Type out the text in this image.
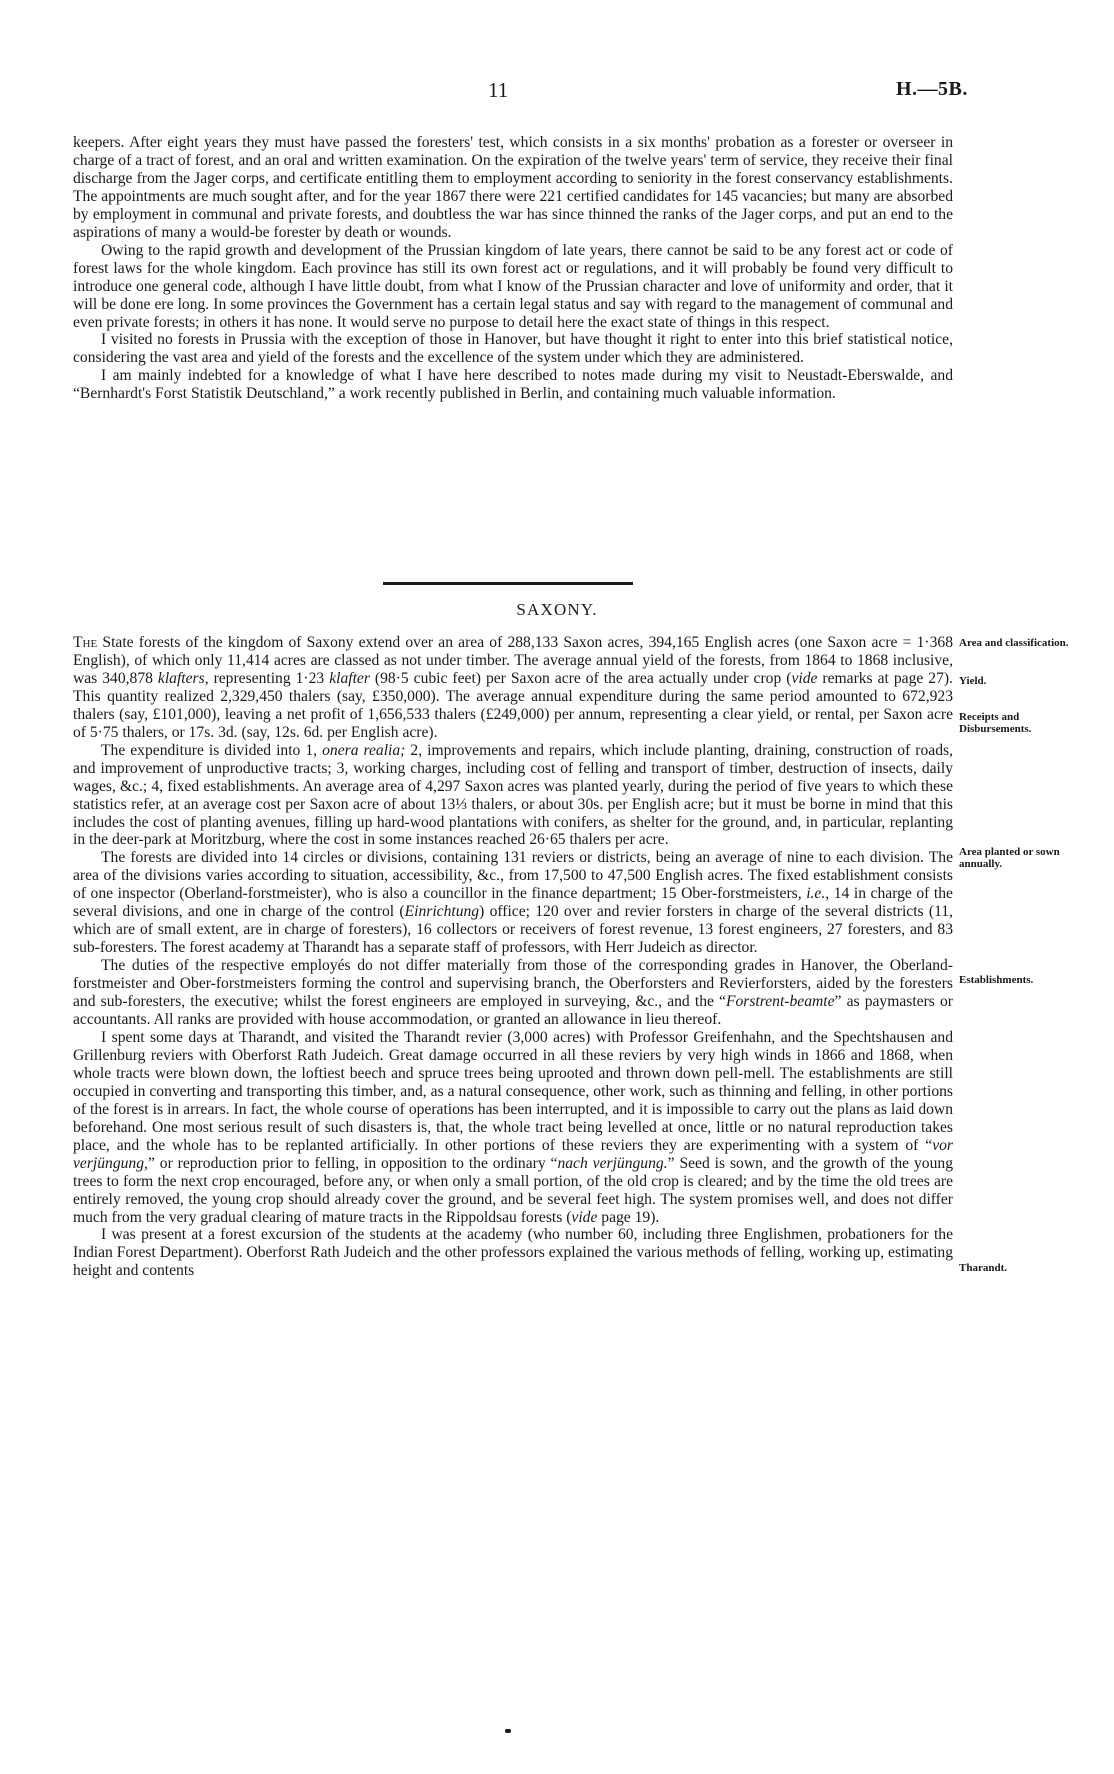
11	H.—5B.

keepers. After eight years they must have passed the foresters' test, which consists in a six months' probation as a forester or overseer in charge of a tract of forest, and an oral and written examination. On the expiration of the twelve years' term of service, they receive their final discharge from the Jager corps, and certificate entitling them to employment according to seniority in the forest conservancy establishments. The appointments are much sought after, and for the year 1867 there were 221 certified candidates for 145 vacancies; but many are absorbed by employment in communal and private forests, and doubtless the war has since thinned the ranks of the Jager corps, and put an end to the aspirations of many a would-be forester by death or wounds.

Owing to the rapid growth and development of the Prussian kingdom of late years, there cannot be said to be any forest act or code of forest laws for the whole kingdom. Each province has still its own forest act or regulations, and it will probably be found very difficult to introduce one general code, although I have little doubt, from what I know of the Prussian character and love of uniformity and order, that it will be done ere long. In some provinces the Government has a certain legal status and say with regard to the management of communal and even private forests; in others it has none. It would serve no purpose to detail here the exact state of things in this respect.

I visited no forests in Prussia with the exception of those in Hanover, but have thought it right to enter into this brief statistical notice, considering the vast area and yield of the forests and the excellence of the system under which they are administered.

I am mainly indebted for a knowledge of what I have here described to notes made during my visit to Neustadt-Eberswalde, and “Bernhardt's Forst Statistik Deutschland,” a work recently published in Berlin, and containing much valuable information.

SAXONY.

The State forests of the kingdom of Saxony extend over an area of 288,133 Saxon acres, 394,165 English acres (one Saxon acre = 1·368 English), of which only 11,414 acres are classed as not under timber. The average annual yield of the forests, from 1864 to 1868 inclusive, was 340,878 klafters, representing 1·23 klafter (98·5 cubic feet) per Saxon acre of the area actually under crop (vide remarks at page 27). This quantity realized 2,329,450 thalers (say, £350,000). The average annual expenditure during the same period amounted to 672,923 thalers (say, £101,000), leaving a net profit of 1,656,533 thalers (£249,000) per annum, representing a clear yield, or rental, per Saxon acre of 5·75 thalers, or 17s. 3d. (say, 12s. 6d. per English acre).

The expenditure is divided into 1, onera realia; 2, improvements and repairs, which include planting, draining, construction of roads, and improvement of unproductive tracts; 3, working charges, including cost of felling and transport of timber, destruction of insects, daily wages, &c.; 4, fixed establishments. An average area of 4,297 Saxon acres was planted yearly, during the period of five years to which these statistics refer, at an average cost per Saxon acre of about 13⅓ thalers, or about 30s. per English acre; but it must be borne in mind that this includes the cost of planting avenues, filling up hard-wood plantations with conifers, as shelter for the ground, and, in particular, replanting in the deer-park at Moritzburg, where the cost in some instances reached 26·65 thalers per acre.

The forests are divided into 14 circles or divisions, containing 131 reviers or districts, being an average of nine to each division. The area of the divisions varies according to situation, accessibility, &c., from 17,500 to 47,500 English acres. The fixed establishment consists of one inspector (Oberland-forstmeister), who is also a councillor in the finance department; 15 Ober-forstmeisters, i.e., 14 in charge of the several divisions, and one in charge of the control (Einrichtung) office; 120 over and revier forsters in charge of the several districts (11, which are of small extent, are in charge of foresters), 16 collectors or receivers of forest revenue, 13 forest engineers, 27 foresters, and 83 sub-foresters. The forest academy at Tharandt has a separate staff of professors, with Herr Judeich as director.

The duties of the respective employés do not differ materially from those of the corresponding grades in Hanover, the Oberland-forstmeister and Ober-forstmeisters forming the control and supervising branch, the Oberforsters and Revierforsters, aided by the foresters and sub-foresters, the executive; whilst the forest engineers are employed in surveying, &c., and the “Forstrent-beamte” as paymasters or accountants. All ranks are provided with house accommodation, or granted an allowance in lieu thereof.

I spent some days at Tharandt, and visited the Tharandt revier (3,000 acres) with Professor Greifenhahn, and the Spechtshausen and Grillenburg reviers with Oberforst Rath Judeich. Great damage occurred in all these reviers by very high winds in 1866 and 1868, when whole tracts were blown down, the loftiest beech and spruce trees being uprooted and thrown down pell-mell. The establishments are still occupied in converting and transporting this timber, and, as a natural consequence, other work, such as thinning and felling, in other portions of the forest is in arrears. In fact, the whole course of operations has been interrupted, and it is impossible to carry out the plans as laid down beforehand. One most serious result of such disasters is, that, the whole tract being levelled at once, little or no natural reproduction takes place, and the whole has to be replanted artificially. In other portions of these reviers they are experimenting with a system of “vor verjüngung,” or reproduction prior to felling, in opposition to the ordinary “nach verjüngung.” Seed is sown, and the growth of the young trees to form the next crop encouraged, before any, or when only a small portion, of the old crop is cleared; and by the time the old trees are entirely removed, the young crop should already cover the ground, and be several feet high. The system promises well, and does not differ much from the very gradual clearing of mature tracts in the Rippoldsau forests (vide page 19).

I was present at a forest excursion of the students at the academy (who number 60, including three Englishmen, probationers for the Indian Forest Department). Oberforst Rath Judeich and the other professors explained the various methods of felling, working up, estimating height and contents

Area and classification.
Yield.
Receipts and Disbursements.
Area planted or sown annually.
Establishments.
Tharandt.
